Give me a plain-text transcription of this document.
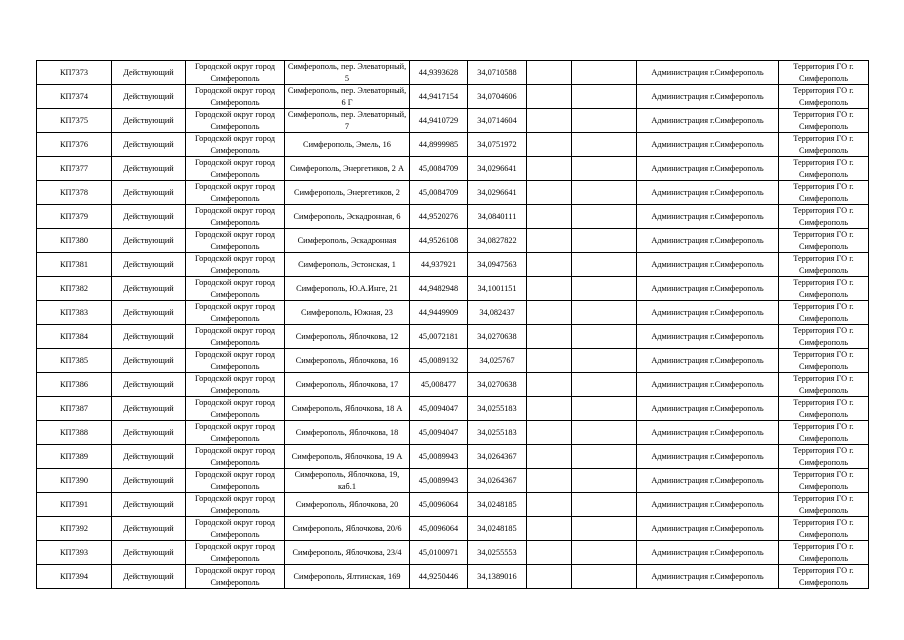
КП7373	Действующий	Городской округ город Симферополь	Симферополь, пер. Элеваторный, 5	44,9393628	34,0710588			Администрация г.Симферополь	Территория ГО г. Симферополь
КП7374	Действующий	Городской округ город Симферополь	Симферополь, пер. Элеваторный, 6 Г	44,9417154	34,0704606			Администрация г.Симферополь	Территория ГО г. Симферополь
КП7375	Действующий	Городской округ город Симферополь	Симферополь, пер. Элеваторный, 7	44,9410729	34,0714604			Администрация г.Симферополь	Территория ГО г. Симферополь
КП7376	Действующий	Городской округ город Симферополь	Симферополь, Эмель, 16	44,8999985	34,0751972			Администрация г.Симферополь	Территория ГО г. Симферополь
КП7377	Действующий	Городской округ город Симферополь	Симферополь, Энергетиков, 2 А	45,0084709	34,0296641			Администрация г.Симферополь	Территория ГО г. Симферополь
КП7378	Действующий	Городской округ город Симферополь	Симферополь, Энергетиков, 2	45,0084709	34,0296641			Администрация г.Симферополь	Территория ГО г. Симферополь
КП7379	Действующий	Городской округ город Симферополь	Симферополь, Эскадронная, 6	44,9520276	34,0840111			Администрация г.Симферополь	Территория ГО г. Симферополь
КП7380	Действующий	Городской округ город Симферополь	Симферополь, Эскадронная	44,9526108	34,0827822			Администрация г.Симферополь	Территория ГО г. Симферополь
КП7381	Действующий	Городской округ город Симферополь	Симферополь, Эстонская, 1	44,937921	34,0947563			Администрация г.Симферополь	Территория ГО г. Симферополь
КП7382	Действующий	Городской округ город Симферополь	Симферополь, Ю.А.Инге, 21	44,9482948	34,1001151			Администрация г.Симферополь	Территория ГО г. Симферополь
КП7383	Действующий	Городской округ город Симферополь	Симферополь, Южная, 23	44,9449909	34,082437			Администрация г.Симферополь	Территория ГО г. Симферополь
КП7384	Действующий	Городской округ город Симферополь	Симферополь, Яблочкова, 12	45,0072181	34,0270638			Администрация г.Симферополь	Территория ГО г. Симферополь
КП7385	Действующий	Городской округ город Симферополь	Симферополь, Яблочкова, 16	45,0089132	34,025767			Администрация г.Симферополь	Территория ГО г. Симферополь
КП7386	Действующий	Городской округ город Симферополь	Симферополь, Яблочкова, 17	45,008477	34,0270638			Администрация г.Симферополь	Территория ГО г. Симферополь
КП7387	Действующий	Городской округ город Симферополь	Симферополь, Яблочкова, 18 А	45,0094047	34,0255183			Администрация г.Симферополь	Территория ГО г. Симферополь
КП7388	Действующий	Городской округ город Симферополь	Симферополь, Яблочкова, 18	45,0094047	34,0255183			Администрация г.Симферополь	Территория ГО г. Симферополь
КП7389	Действующий	Городской округ город Симферополь	Симферополь, Яблочкова, 19 А	45,0089943	34,0264367			Администрация г.Симферополь	Территория ГО г. Симферополь
КП7390	Действующий	Городской округ город Симферополь	Симферополь, Яблочкова, 19, каб.1	45,0089943	34,0264367			Администрация г.Симферополь	Территория ГО г. Симферополь
КП7391	Действующий	Городской округ город Симферополь	Симферополь, Яблочкова, 20	45,0096064	34,0248185			Администрация г.Симферополь	Территория ГО г. Симферополь
КП7392	Действующий	Городской округ город Симферополь	Симферополь, Яблочкова, 20/6	45,0096064	34,0248185			Администрация г.Симферополь	Территория ГО г. Симферополь
КП7393	Действующий	Городской округ город Симферополь	Симферополь, Яблочкова, 23/4	45,0100971	34,0255553			Администрация г.Симферополь	Территория ГО г. Симферополь
КП7394	Действующий	Городской округ город Симферополь	Симферополь, Ялтинская, 169	44,9250446	34,1389016			Администрация г.Симферополь	Территория ГО г. Симферополь
